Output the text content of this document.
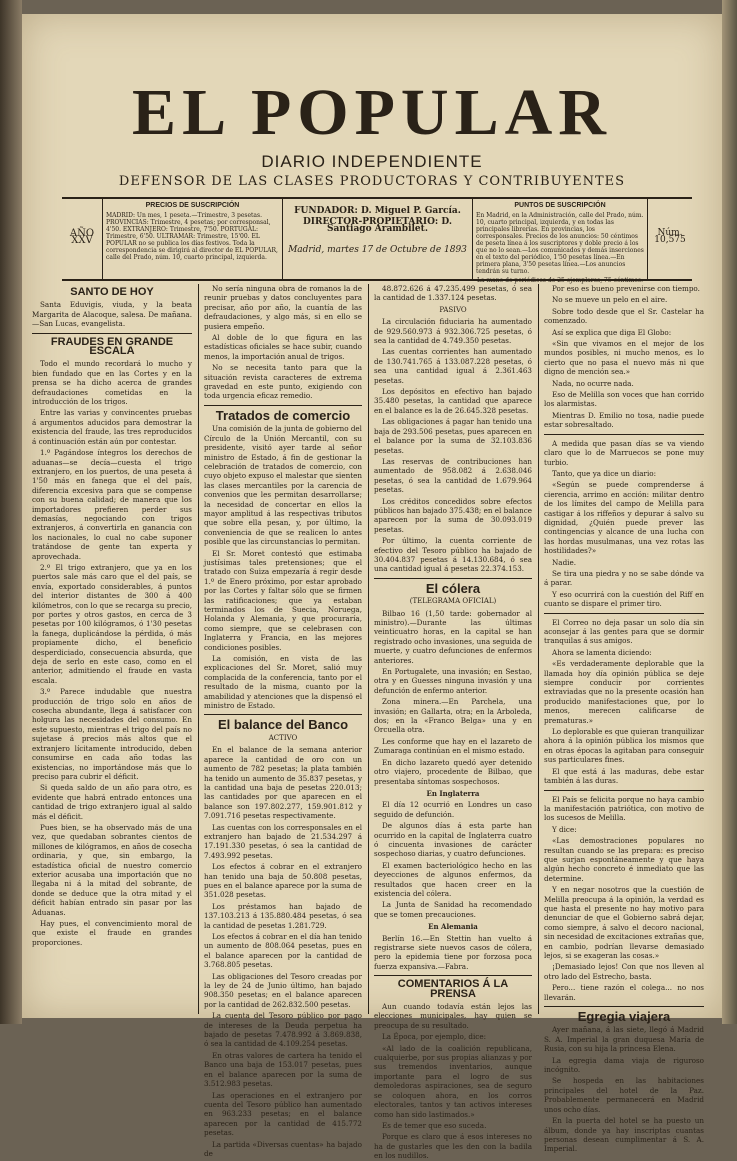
EL POPULAR
DIARIO INDEPENDIENTE
DEFENSOR DE LAS CLASES PRODUCTORAS Y CONTRIBUYENTES
AÑO XXV
PRECIOS DE SUSCRIPCIÓN
MADRID: Un mes, 1 peseta.—Trimestre, 3 pesetas. PROVINCIAS: Trimestre, 4 pesetas; por corresponsal, 4'50. EXTRANJERO: Trimestre, 7'50. PORTUGAL: Trimestre, 6'50. ULTRAMAR: Trimestre, 15'00. EL POPULAR no se publica los días festivos. Toda la correspondencia se dirigirá al director de EL POPULAR, calle del Prado, núm. 10, cuarto principal, izquierda.
FUNDADOR: D. Miguel P. García.
DIRECTOR-PROPIETARIO: D. Santiago Arambilet.
Madrid, martes 17 de Octubre de 1893
PUNTOS DE SUSCRIPCIÓN
En Madrid, en la Administración, calle del Prado, núm. 10, cuarto principal, izquierda, y en todas las principales librerías. En provincias, los corresponsales. Precios de los anuncios: 50 céntimos de peseta línea á los suscriptores y doble precio á los que no lo sean.—Los comunicados y demás inserciones en el texto del periódico, 1'50 pesetas línea.—En primera plana, 3'50 pesetas línea.—Los anuncios tendrán su turno.
La mano de periódicos de 25 ejemplares, 75 céntimos.
Núm. 10,575
SANTO DE HOY

Santa Eduvigis, viuda, y la beata Margarita de Alacoque, salesa. De mañana.—San Lucas, evangelista.

FRAUDES EN GRANDE ESCALA

Todo el mundo recordará lo mucho y bien fundado que en las Cortes y en la prensa se ha dicho acerca de grandes defraudaciones cometidas en la introducción de los trigos.

Entre las varias y convincentes pruebas á argumentos aducidos para demostrar la existencia del fraude, las tres reproducidos á continuación están aún por contestar.

1.º Pagándose íntegros los derechos de aduanas—se decía—cuesta el trigo extranjero, en los puertos, de una peseta á 1'50 más en fanega que el del país, diferencia excesiva para que se compense con su buena calidad; de manera que los importadores prefieren perder sus demasías, negociando con trigos extranjeros, á convertirla en ganancia con los nacionales, lo cual no cabe suponer tratándose de gente tan experta y aprovechada.

2.º El trigo extranjero, que ya en los puertos sale más caro que el del país, se envía, exportado considerables, á puntos del interior distantes de 300 á 400 kilómetros, con lo que se recarga su precio, por portes y otros gastos, en cerca de 3 pesetas por 100 kilógramos, ó 1'30 pesetas la fanega, duplicándose la pérdida, ó más propiamente dicho, el beneficio desperdiciado, consecuencia absurda, que deja de serlo en este caso, como en el anterior, admitiendo el fraude en vasta escala.

3.º Parece indudable que nuestra producción de trigo solo en años de cosecha abundante, llega á satisfacer con holgura las necesidades del consumo. En este supuesto, mientras el trigo del país no sujetase á precios más altos que el extranjero lícitamente introducido, deben consumirse en cada año todas las existencias, no importándose más que lo preciso para cubrir el déficit.

Si queda saldo de un año para otro, es evidente que habrá entrado entonces una cantidad de trigo extranjero igual al saldo más el déficit.

Pues bien, se ha observado más de una vez, que quedaban sobrantes cientos de millones de kilógramos, en años de cosecha ordinaria, y que, sin embargo, la estadística oficial de nuestro comercio exterior acusaba una importación que no llegaba ni á la mitad del sobrante, de donde se deduce que la otra mitad y el déficit habían entrado sin pasar por las Aduanas.

Hay pues, el convencimiento moral de que existe el fraude en grandes proporciones.

No sería ninguna obra de romanos la de reunir pruebas y datos concluyentes para precisar, año por año, la cuantía de las defraudaciones, y algo más, si en ello se pusiera empeño.

Al doble de lo que figura en las estadísticas oficiales se hace subir, cuando menos, la importación anual de trigos.

No se necesita tanto para que la situación revista caracteres de extrema gravedad en este punto, exigiendo con toda urgencia eficaz remedio.

Tratados de comercio

Una comisión de la junta de gobierno del Círculo de la Unión Mercantil, con su presidente, visitó ayer tarde al señor ministro de Estado, á fin de gestionar la celebración de tratados de comercio, con cuyo objeto expuso el malestar que sienten las clases mercantiles por la carencia de convenios que les permitan desarrollarse; la necesidad de concertar en ellos la mayor amplitud á las respectivas tributos que sobre ella pesan, y, por último, la conveniencia de que se realicen lo antes posible que las circunstancias lo permitan.

El Sr. Moret contestó que estimaba justísimas tales pretensiones; que el tratado con Suiza empezaría á regir desde 1.º de Enero próximo, por estar aprobado por las Cortes y faltar sólo que se firmen las ratificaciones; que ya estaban terminados los de Suecia, Noruega, Holanda y Alemania, y que procuraría, como siempre, que se celebrasen con Inglaterra y Francia, en las mejores condiciones posibles.

La comisión, en vista de las explicaciones del Sr. Moret, salió muy complacida de la conferencia, tanto por el resultado de la misma, cuanto por la amabilidad y atenciones que la dispensó el ministro de Estado.

El balance del Banco
ACTIVO

En el balance de la semana anterior aparece la cantidad de oro con un aumento de 782 pesetas; la plata también ha tenido un aumento de 35.837 pesetas, y la cantidad una baja de pesetas 220.013; las cantidades por que aparecen en el balance son 197.802.277, 159.901.812 y 7.091.716 pesetas respectivamente.

Las cuentas con los corresponsales en el extranjero han bajado de 21.534.297 á 17.191.330 pesetas, ó sea la cantidad de 7.493.992 pesetas.

Los efectos á cobrar en el extranjero han tenido una baja de 50.808 pesetas, pues en el balance aparece por la suma de 351.028 pesetas.

Los préstamos han bajado de 137.103.213 á 135.880.484 pesetas, ó sea la cantidad de pesetas 1.281.729.

Los efectos á cobrar en el día han tenido un aumento de 808.064 pesetas, pues en el balance aparecen por la cantidad de 3.768.805 pesetas.

Las obligaciones del Tesoro creadas por la ley de 24 de Junio último, han bajado 908.350 pesetas; en el balance aparecen por la cantidad de 262.832.500 pesetas.

La cuenta del Tesoro público por pago de intereses de la Deuda perpetua ha bajado de pesetas 7.478.992 á 3.869.838, ó sea la cantidad de 4.109.254 pesetas.

En otras valores de cartera ha tenido el Banco una baja de 153.017 pesetas, pues en el balance aparecen por la suma de 3.512.983 pesetas.

Las operaciones en el extranjero por cuenta del Tesoro público han aumentado en 963.233 pesetas; en el balance aparecen por la cantidad de 415.772 pesetas.

La partida «Diversas cuentas» ha bajado de

48.872.626 á 47.235.499 pesetas, ó sea la cantidad de 1.337.124 pesetas.

PASIVO

La circulación fiduciaria ha aumentado de 929.560.973 á 932.306.725 pesetas, ó sea la cantidad de 4.749.350 pesetas.

Las cuentas corrientes han aumentado de 130.741.765 á 133.087.228 pesetas, ó sea una cantidad igual á 2.361.463 pesetas.

Los depósitos en efectivo han bajado 35.480 pesetas, la cantidad que aparece en el balance es la de 26.645.328 pesetas.

Las obligaciones á pagar han tenido una baja de 293.506 pesetas, pues aparecen en el balance por la suma de 32.103.836 pesetas.

Las reservas de contribuciones han aumentado de 958.082 á 2.638.046 pesetas, ó sea la cantidad de 1.679.964 pesetas.

Los créditos concedidos sobre efectos públicos han bajado 375.438; en el balance aparecen por la suma de 30.093.019 pesetas.

Por último, la cuenta corriente de efectivo del Tesoro público ha bajado de 30.404.837 pesetas á 14.130.684, ó sea una cantidad igual á pesetas 22.374.153.

El cólera
(TELEGRAMA OFICIAL)

Bilbao 16 (1,50 tarde: gobernador al ministro).—Durante las últimas veinticuatro horas, en la capital se han registrado ocho invasiones, una seguida de muerte, y cuatro defunciones de enfermos anteriores.

En Portugalete, una invasión; en Sestao, otra y en Guesses ninguna invasión y una defunción de enfermo anterior.

Zona minera.—En Parchela, una invasión; en Gallarta, otra; en la Arboleda, dos; en la «Franco Belga» una y en Orcuella otra.

Les conforme que hay en el lazareto de Zumaraga continúan en el mismo estado.

En dicho lazareto quedó ayer detenido otro viajero, procedente de Bilbao, que presentaba síntomas sospechosos.

En Inglaterra

El día 12 ocurrió en Londres un caso seguido de defunción.

De algunos días á esta parte han ocurrido en la capital de Inglaterra cuatro ó cincuenta invasiones de carácter sospechoso diarias, y cuatro defunciones.

El examen bacteriológico hecho en las deyecciones de algunos enfermos, da resultados que hacen creer en la existencia del cólera.

La Junta de Sanidad ha recomendado que se tomen precauciones.

En Alemania

Berlín 16.—En Stettin han vuelto á registrarse siete nuevos casos de cólera, pero la epidemia tiene por forzosa poca fuerza expansiva.—Fabra.

COMENTARIOS Á LA PRENSA

Aun cuando todavía están lejos las elecciones municipales, hay quien se preocupa de su resultado.

La Época, por ejemplo, dice:

«Al lado de la coalición republicana, cualquierbe, por sus propias alianzas y por sus tremendos inventarios, aunque importante para el logro de sus demoledoras aspiraciones, sea de seguro se coloquen ahora, en los corros electorales, tantos y tan activos intereses como han sido lastimados.»

Es de temer que eso suceda.

Porque es claro que á esos intereses no ha de gustarles que les den con la badila en los nudillos.

Por eso es bueno prevenirse con tiempo.

No se mueve un pelo en el aire.

Sobre todo desde que el Sr. Castelar ha comenzado.

Así se explica que diga El Globo:

«Sin que vivamos en el mejor de los mundos posibles, ni mucho menos, es lo cierto que no pasa el nuevo más ni que digno de mención sea.»

Nada, no ocurre nada.

Eso de Melilla son voces que han corrido los alarmistas.

Mientras D. Emilio no tosa, nadie puede estar sobresaltado.

A medida que pasan días se va viendo claro que lo de Marruecos se pone muy turbio.

Tanto, que ya dice un diario:

«Según se puede comprenderse á cierencia, arrimo en acción: militar dentro de los límites del campo de Melilla para castigar á los riffeños y depurar á salvo su dignidad, ¿Quién puede prever las contingencias y alcance de una lucha con las hordas musulmanas, una vez rotas las hostilidades?»

Nadie.

Se tira una piedra y no se sabe dónde va á parar.

Y eso ocurrirá con la cuestión del Riff en cuanto se dispare el primer tiro.

El Correo no deja pasar un solo día sin aconsejar á las gentes para que se dormir tranquilas á sus amigos.

Ahora se lamenta diciendo:

«Es verdaderamente deplorable que la llamada hoy día opinión pública se deje siempre conducir por corrientes extraviadas que no la presente ocasión han producido manifestaciones que, por lo menos, merecen calificarse de prematuras.»

Lo deplorable es que quieran tranquilizar ahora á la opinión pública los mismos que en otras épocas la agitaban para conseguir sus particulares fines.

El que está á las maduras, debe estar también á las duras.

El País se felicita porque no haya cambio la manifestación patriótica, con motivo de los sucesos de Melilla.

Y dice:

«Las demostraciones populares no resultan cuando se las prepara: es preciso que surjan espontáneamente y que haya algún hecho concreto é inmediato que las determine.

Y en negar nosotros que la cuestión de Melilla preocupa á la opinión, la verdad es que hasta el presente no hay motivo para denunciar de que el Gobierno sabrá dejar, como siempre, á salvo el decoro nacional, sin necesidad de excitaciones extrañas que, en cambio, podrían llevarse demasiado lejos, si se exageran las cosas.»

¡Demasiado lejos! Con que nos lleven al otro lado del Estrecho, basta.

Pero... tiene razón el colega... no nos llevarán.

Egregia viajera

Ayer mañana, á las siete, llegó á Madrid S. A. Imperial la gran duquesa María de Rusia, con su hija la princesa Elena.

La egregia dama viaja de riguroso incógnito.

Se hospeda en las habitaciones principales del hotel de la Paz. Probablemente permanecerá en Madrid unos ocho días.

En la puerta del hotel se ha puesto un álbum, donde ya hay inscriptas cuantas personas desean cumplimentar á S. A. Imperial.
